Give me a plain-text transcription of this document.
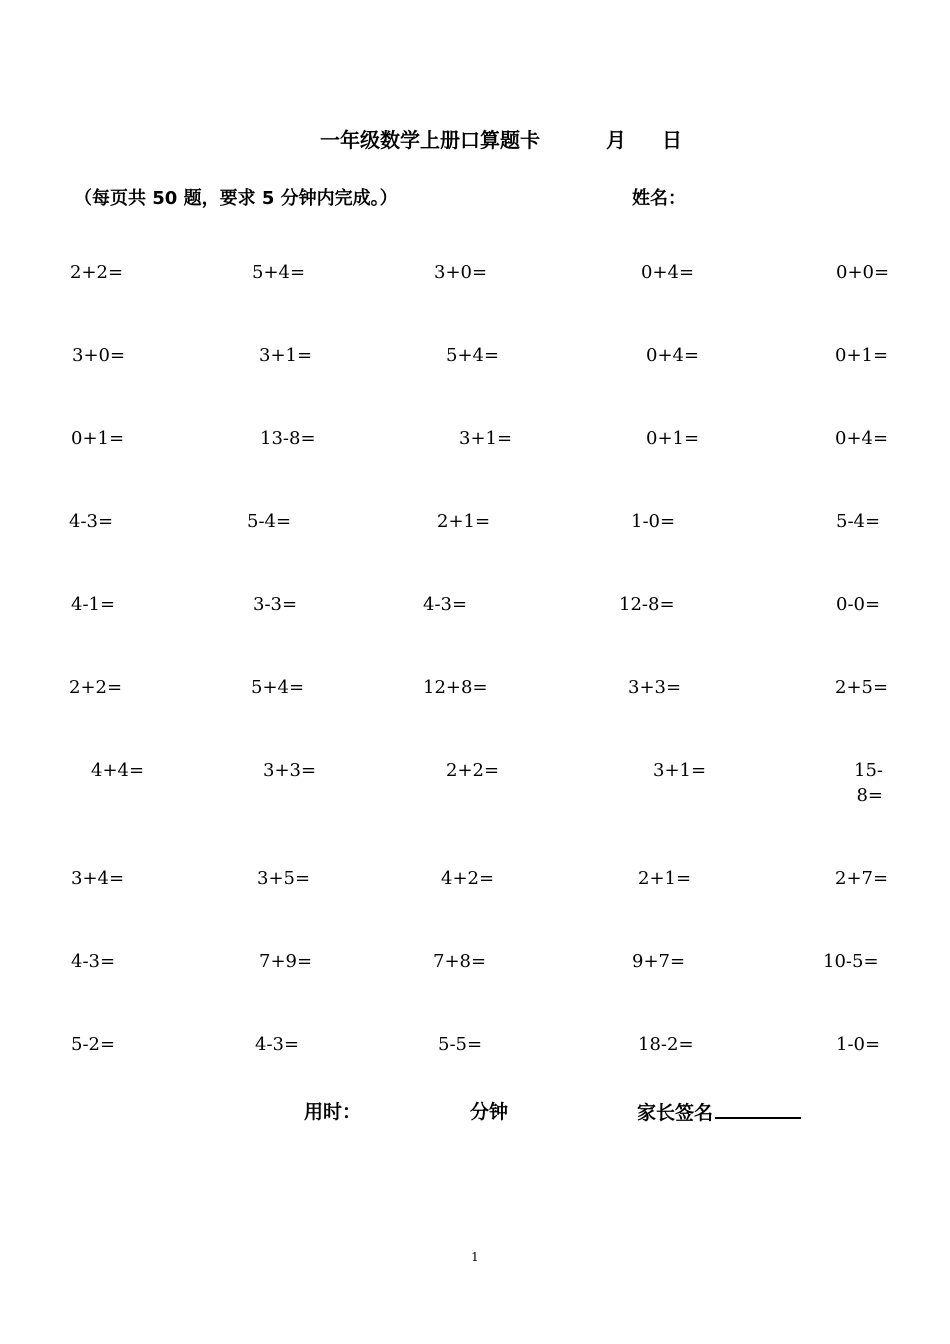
一年级数学上册口算题卡	月 日
（每页共 50 题，要求 5 分钟内完成。）	姓名：
2+2=	5+4=	3+0=	0+4=	0+0=
3+0=	3+1=	5+4=	0+4=	0+1=
0+1=	13-8=	3+1=	0+1=	0+4=
4-3=	5-4=	2+1=	1-0=	5-4=
4-1=	3-3=	4-3=	12-8=	0-0=
2+2=	5+4=	12+8=	3+3=	2+5=
4+4=	3+3=	2+2=	3+1=	15-8=
3+4=	3+5=	4+2=	2+1=	2+7=
4-3=	7+9=	7+8=	9+7=	10-5=
5-2=	4-3=	5-5=	18-2=	1-0=
用时：	分钟	家长签名
1
